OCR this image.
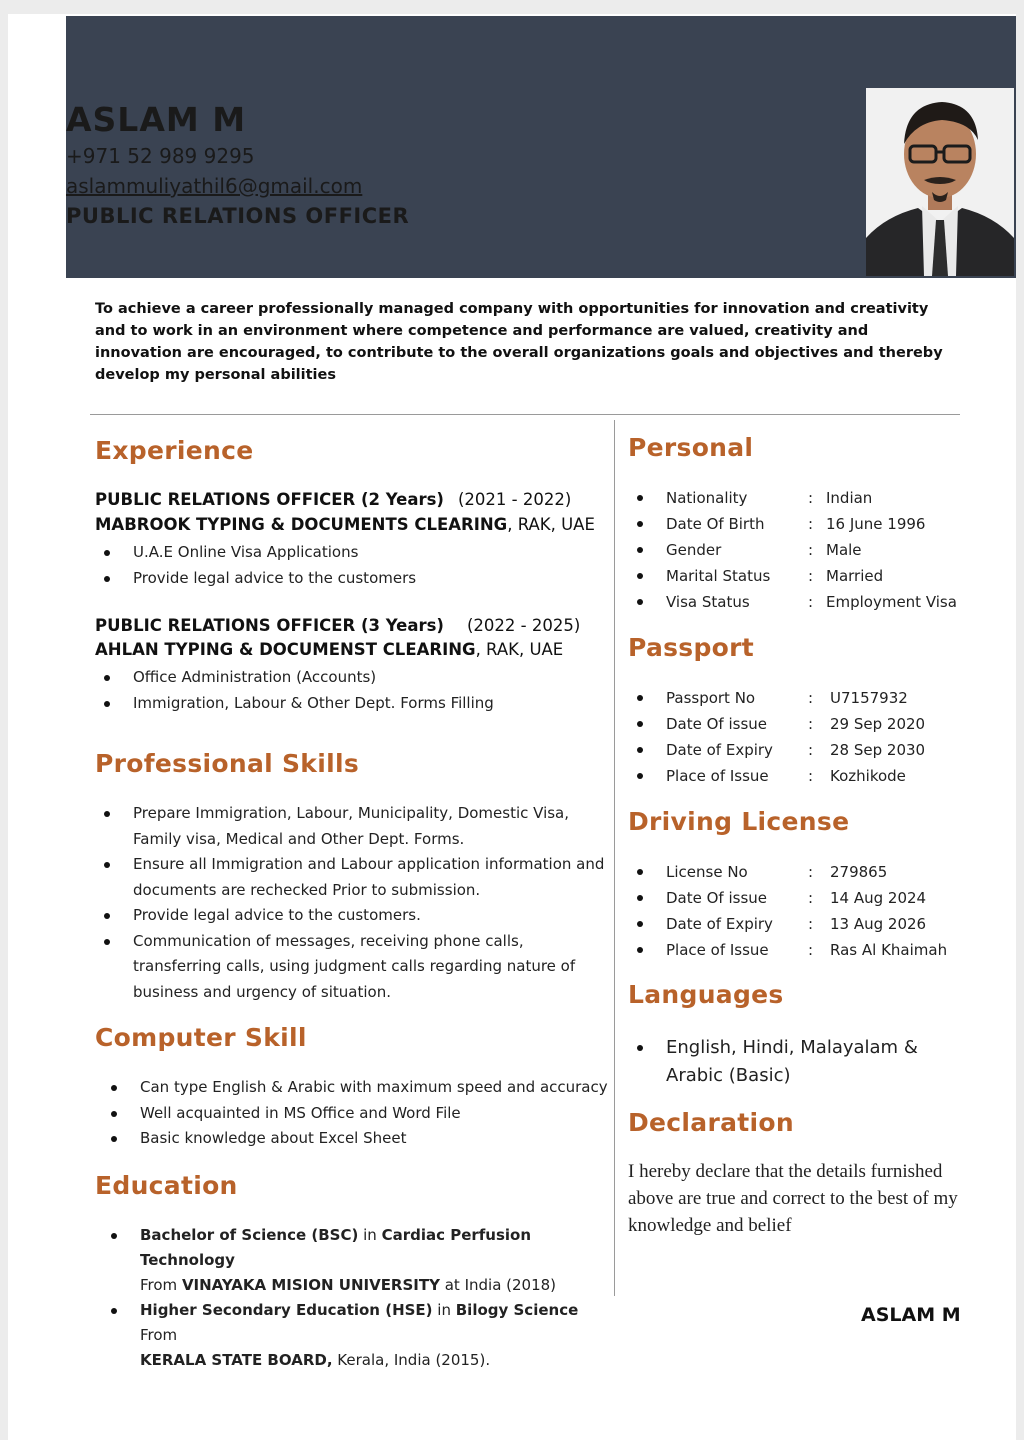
ASLAM M
+971 52 989 9295
aslammuliyathil6@gmail.com
PUBLIC RELATIONS OFFICER
To achieve a career professionally managed company with opportunities for innovation and creativity and to work in an environment where competence and performance are valued, creativity and innovation are encouraged, to contribute to the overall organizations goals and objectives and thereby develop my personal abilities
Experience
PUBLIC RELATIONS OFFICER (2 Years) (2021 - 2022)
MABROOK TYPING & DOCUMENTS CLEARING, RAK, UAE
U.A.E Online Visa Applications
Provide legal advice to the customers
PUBLIC RELATIONS OFFICER (3 Years) (2022 - 2025)
AHLAN TYPING & DOCUMENST CLEARING, RAK, UAE
Office Administration (Accounts)
Immigration, Labour & Other Dept. Forms Filling
Professional Skills
Prepare Immigration, Labour, Municipality, Domestic Visa, Family visa, Medical and Other Dept. Forms.
Ensure all Immigration and Labour application information and documents are rechecked Prior to submission.
Provide legal advice to the customers.
Communication of messages, receiving phone calls, transferring calls, using judgment calls regarding nature of business and urgency of situation.
Computer Skill
Can type English & Arabic with maximum speed and accuracy
Well acquainted in MS Office and Word File
Basic knowledge about Excel Sheet
Education
Bachelor of Science (BSC) in Cardiac Perfusion Technology
From VINAYAKA MISION UNIVERSITY at India (2018)
Higher Secondary Education (HSE) in Bilogy Science From
KERALA STATE BOARD, Kerala, India (2015).
Personal
Nationality	: Indian
Date Of Birth	: 16 June 1996
Gender	: Male
Marital Status	: Married
Visa Status	: Employment Visa
Passport
Passport No	: U7157932
Date Of issue	: 29 Sep 2020
Date of Expiry : 28 Sep 2030
Place of Issue	: Kozhikode
Driving License
License No	: 279865
Date Of issue	: 14 Aug 2024
Date of Expiry : 13 Aug 2026
Place of Issue	: Ras Al Khaimah
Languages
English, Hindi, Malayalam & Arabic (Basic)
Declaration
I hereby declare that the details furnished above are true and correct to the best of my knowledge and belief
ASLAM M
